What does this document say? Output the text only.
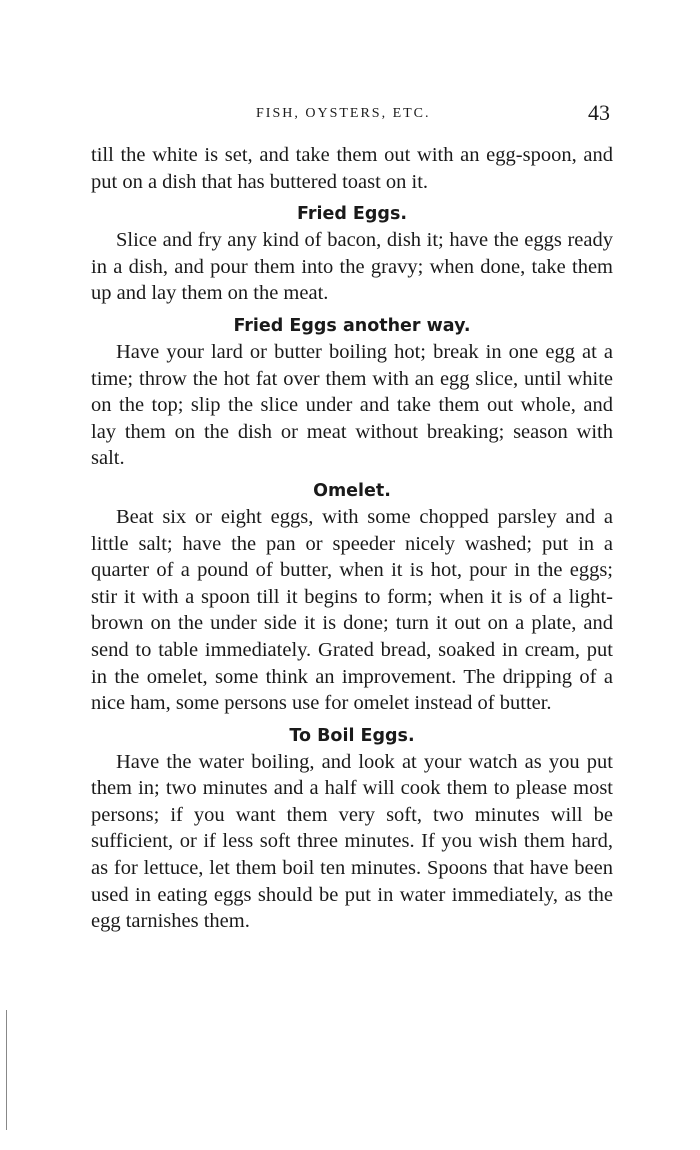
FISH, OYSTERS, ETC.	43

till the white is set, and take them out with an egg-spoon, and put on a dish that has buttered toast on it.

Fried Eggs.

Slice and fry any kind of bacon, dish it; have the eggs ready in a dish, and pour them into the gravy; when done, take them up and lay them on the meat.

Fried Eggs another way.

Have your lard or butter boiling hot; break in one egg at a time; throw the hot fat over them with an egg slice, until white on the top; slip the slice under and take them out whole, and lay them on the dish or meat without breaking; season with salt.

Omelet.

Beat six or eight eggs, with some chopped parsley and a little salt; have the pan or speeder nicely washed; put in a quarter of a pound of butter, when it is hot, pour in the eggs; stir it with a spoon till it begins to form; when it is of a light-brown on the under side it is done; turn it out on a plate, and send to table immediately. Grated bread, soaked in cream, put in the omelet, some think an improvement. The dripping of a nice ham, some persons use for omelet instead of butter.

To Boil Eggs.

Have the water boiling, and look at your watch as you put them in; two minutes and a half will cook them to please most persons; if you want them very soft, two minutes will be sufficient, or if less soft three minutes. If you wish them hard, as for lettuce, let them boil ten minutes. Spoons that have been used in eating eggs should be put in water immediately, as the egg tarnishes them.
